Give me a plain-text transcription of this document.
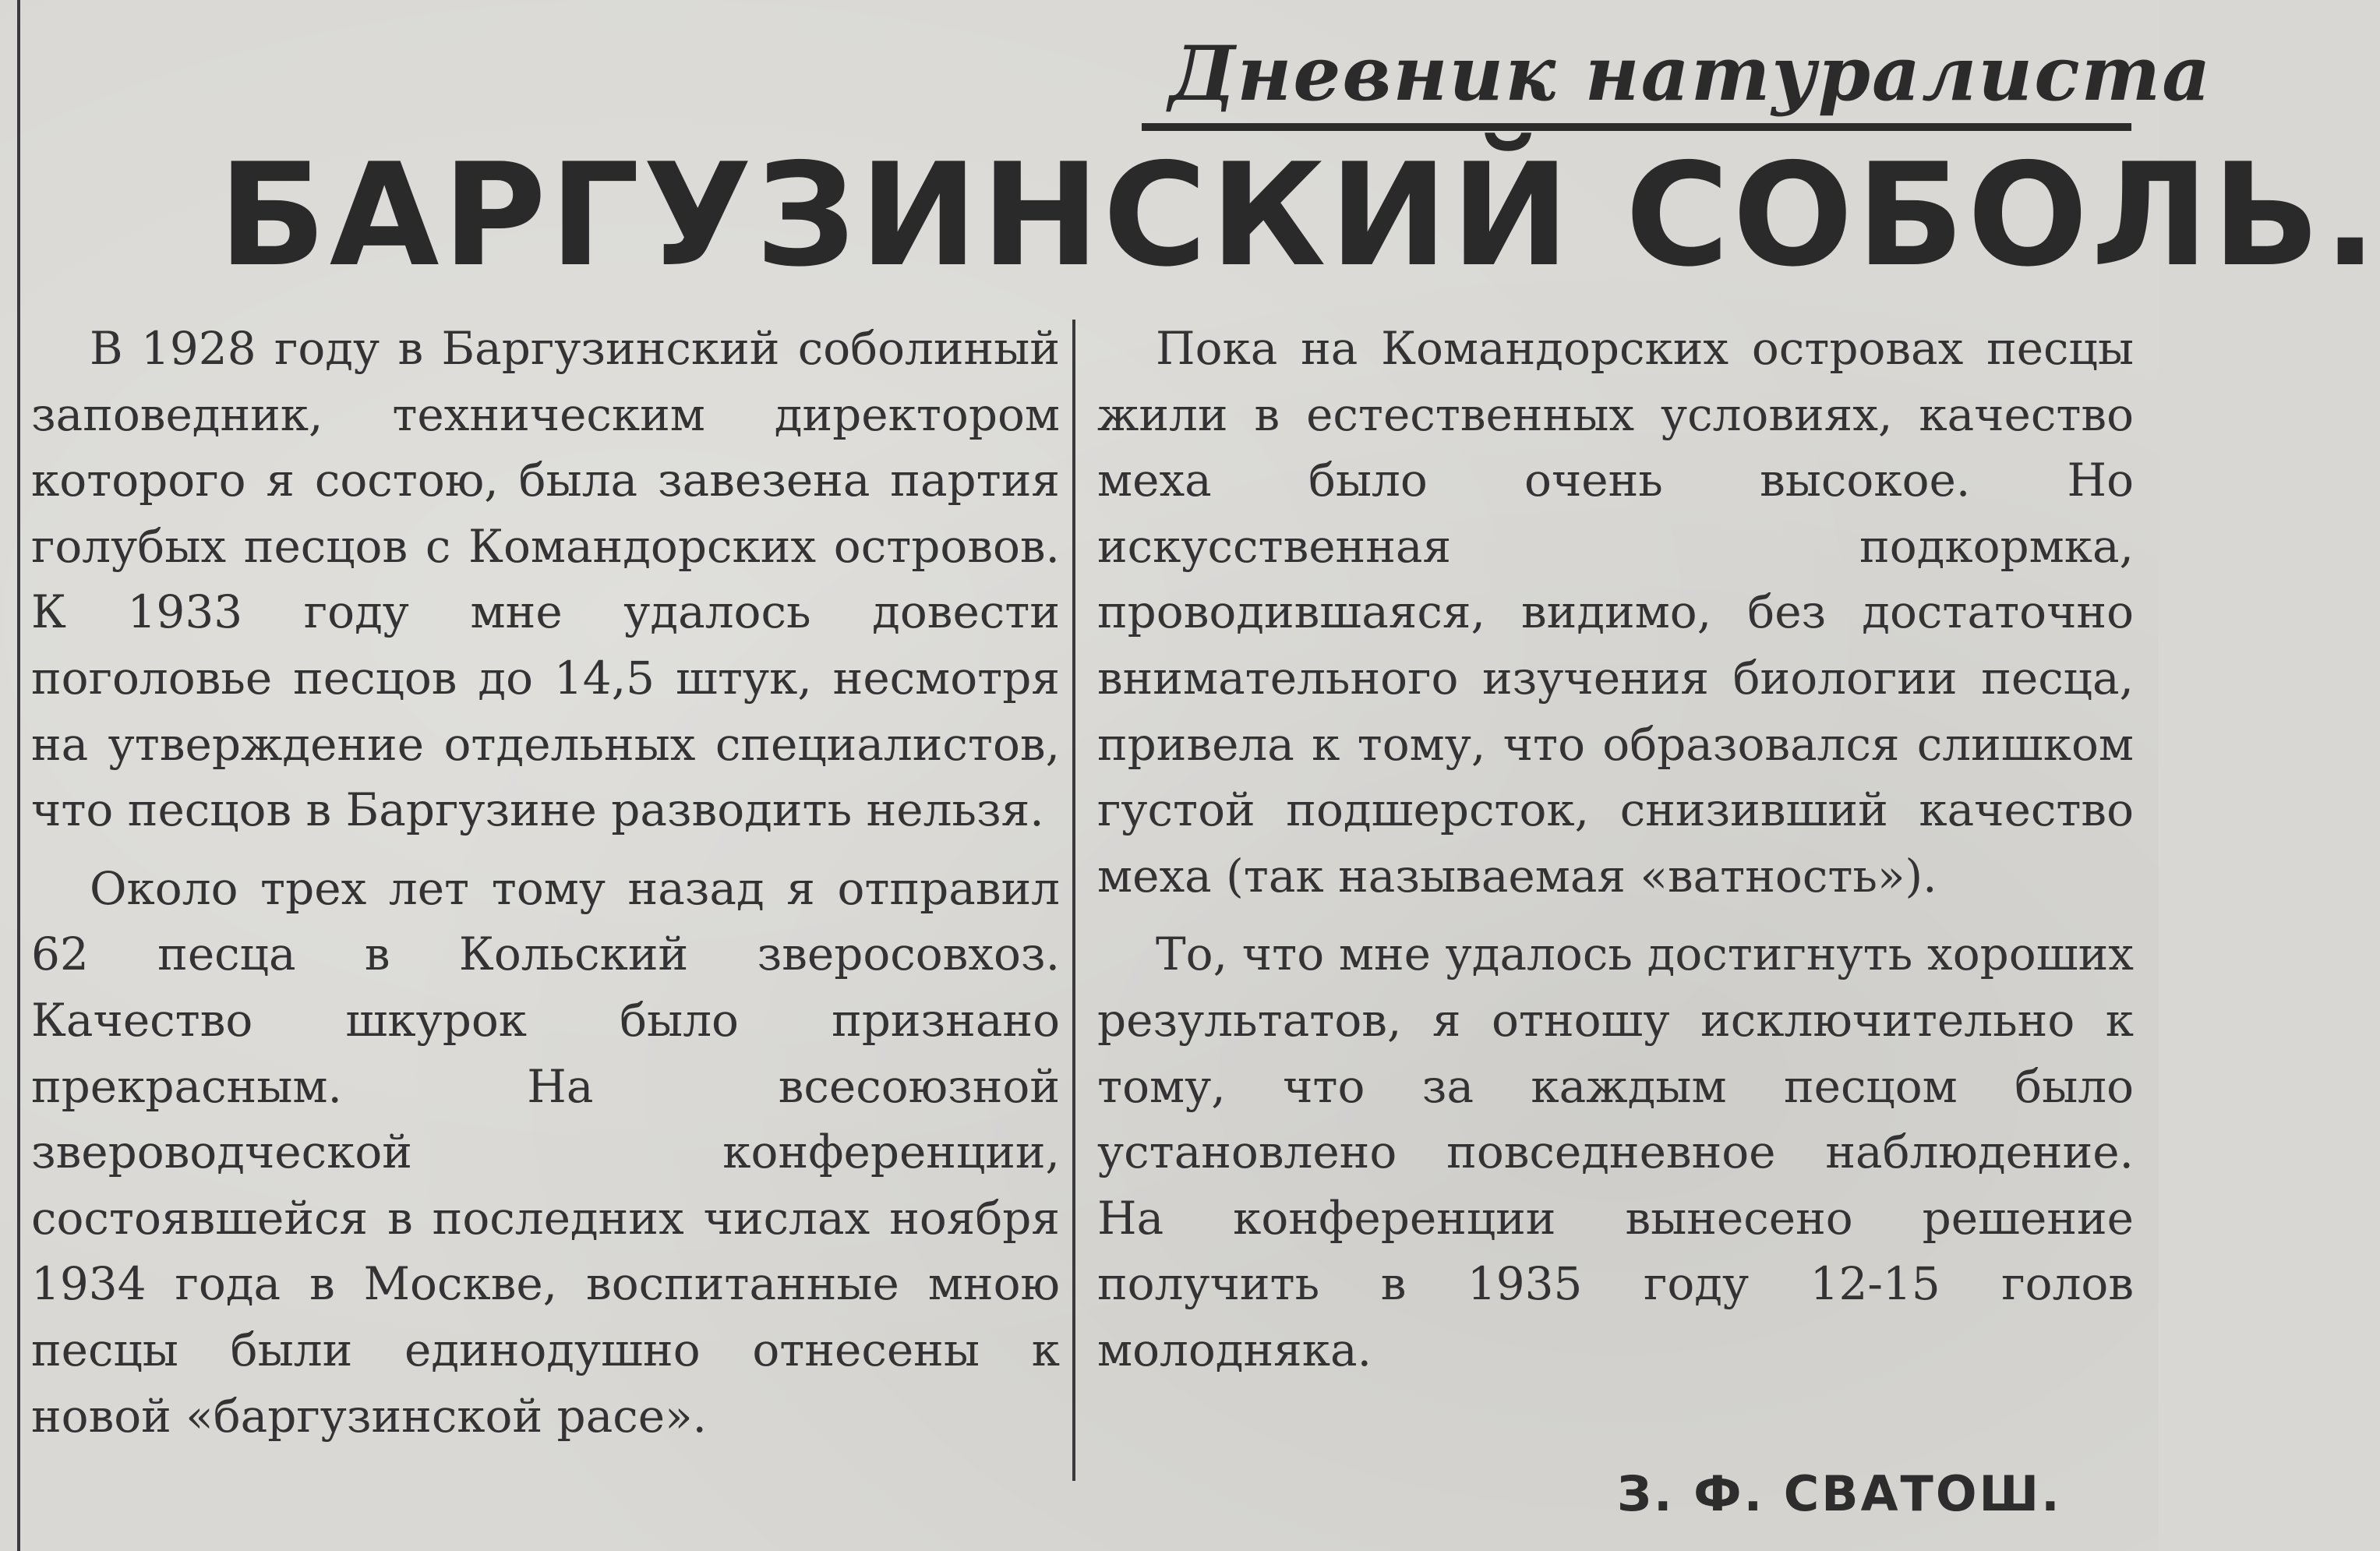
Дневник натуралиста
БАРГУЗИНСКИЙ СОБОЛЬ.

В 1928 году в Баргузинский соболиный заповедник, техническим директором которого я состою, была завезена партия голубых песцов с Командорских островов. К 1933 году мне удалось довести поголовье песцов до 14,5 штук, несмотря на утверждение отдельных специалистов, что песцов в Баргузине разводить нельзя.

Около трех лет тому назад я отправил 62 песца в Кольский зверосовхоз. Качество шкурок было признано прекрасным. На всесоюзной звероводческой конференции, состоявшейся в последних числах ноября 1934 года в Москве, воспитанные мною песцы были единодушно отнесены к новой «баргузинской расе».

Пока на Командорских островах песцы жили в естественных условиях, качество меха было очень высокое. Но искусственная подкормка, проводившаяся, видимо, без достаточно внимательного изучения биологии песца, привела к тому, что образовался слишком густой подшерсток, снизивший качество меха (так называемая «ватность»).

То, что мне удалось достигнуть хороших результатов, я отношу исключительно к тому, что за каждым песцом было установлено повседневное наблюдение. На конференции вынесено решение получить в 1935 году 12-15 голов молодняка.

З. Ф. СВАТОШ.
